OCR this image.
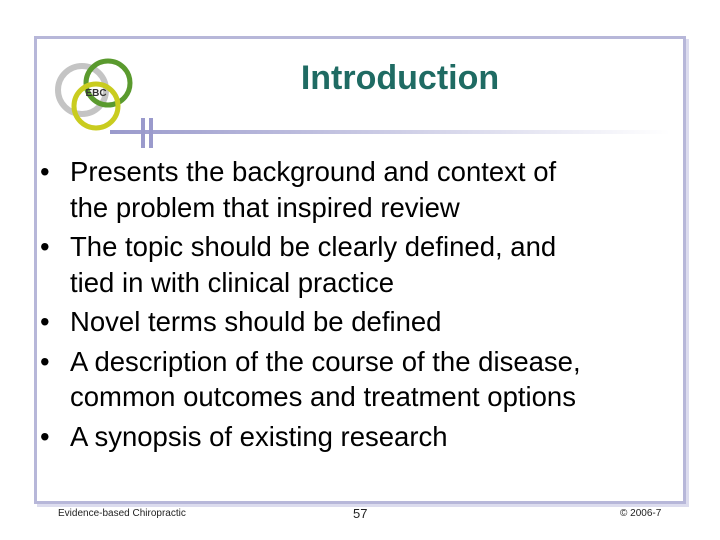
EBC	Introduction
• Presents the background and context of
the problem that inspired review
• The topic should be clearly defined, and
tied in with clinical practice
• Novel terms should be defined
• A description of the course of the disease,
common outcomes and treatment options
• A synopsis of existing research
Evidence-based Chiropractic	57	© 2006-7
